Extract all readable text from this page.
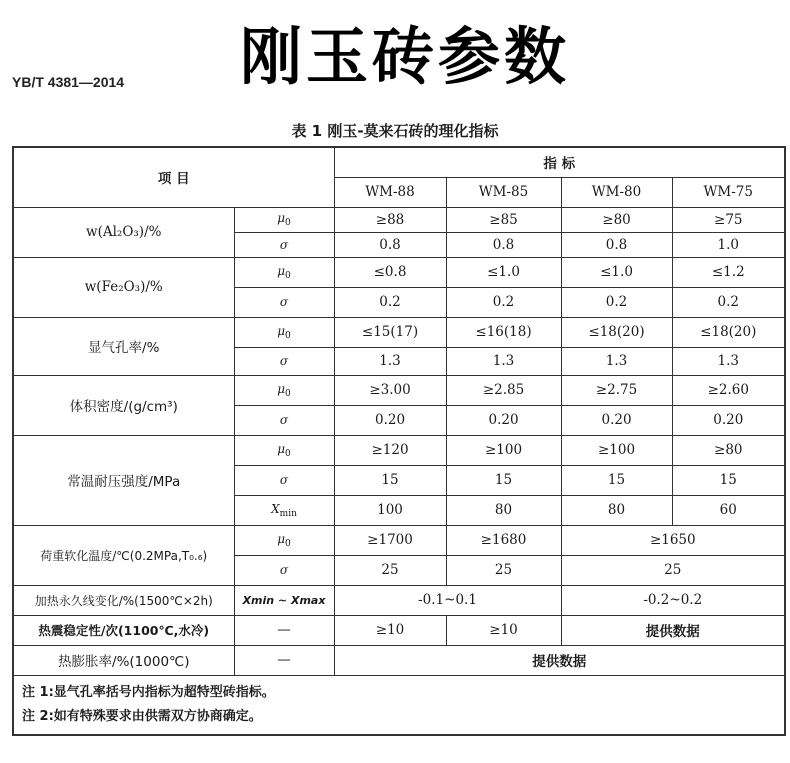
YB/T 4381—2014 刚玉砖参数
表 1 刚玉-莫来石砖的理化指标
项 目		指 标			
		WM-88	WM-85	WM-80	WM-75
w(Al₂O₃)/%	$\mu_0$	≥88	≥85	≥80	≥75
	σ	0.8	0.8	0.8	1.0
w(Fe₂O₃)/%	$\mu_0$	≤0.8	≤1.0	≤1.0	≤1.2
	σ	0.2	0.2	0.2	0.2
显气孔率/%	$\mu_0$	≤15(17)	≤16(18)	≤18(20)	≤18(20)
	σ	1.3	1.3	1.3	1.3
体积密度/(g/cm³)	$\mu_0$	≥3.00	≥2.85	≥2.75	≥2.60
	σ	0.20	0.20	0.20	0.20
常温耐压强度/MPa	$\mu_0$	≥120	≥100	≥100	≥80
	σ	15	15	15	15
	$X_{min}$	100	80	80	60
荷重软化温度/℃(0.2MPa,T₀.₆)	$\mu_0$	≥1700	≥1680	≥1650	
	σ	25	25	25	
加热永久线变化/%(1500℃×2h)	Xmin ~ Xmax	-0.1~0.1		-0.2~0.2	
热震稳定性/次(1100℃,水冷)	—	≥10	≥10	提供数据	
热膨胀率/%(1000℃)	—	提供数据			

注 1:显气孔率括号内指标为超特型砖指标。
注 2:如有特殊要求由供需双方协商确定。					
